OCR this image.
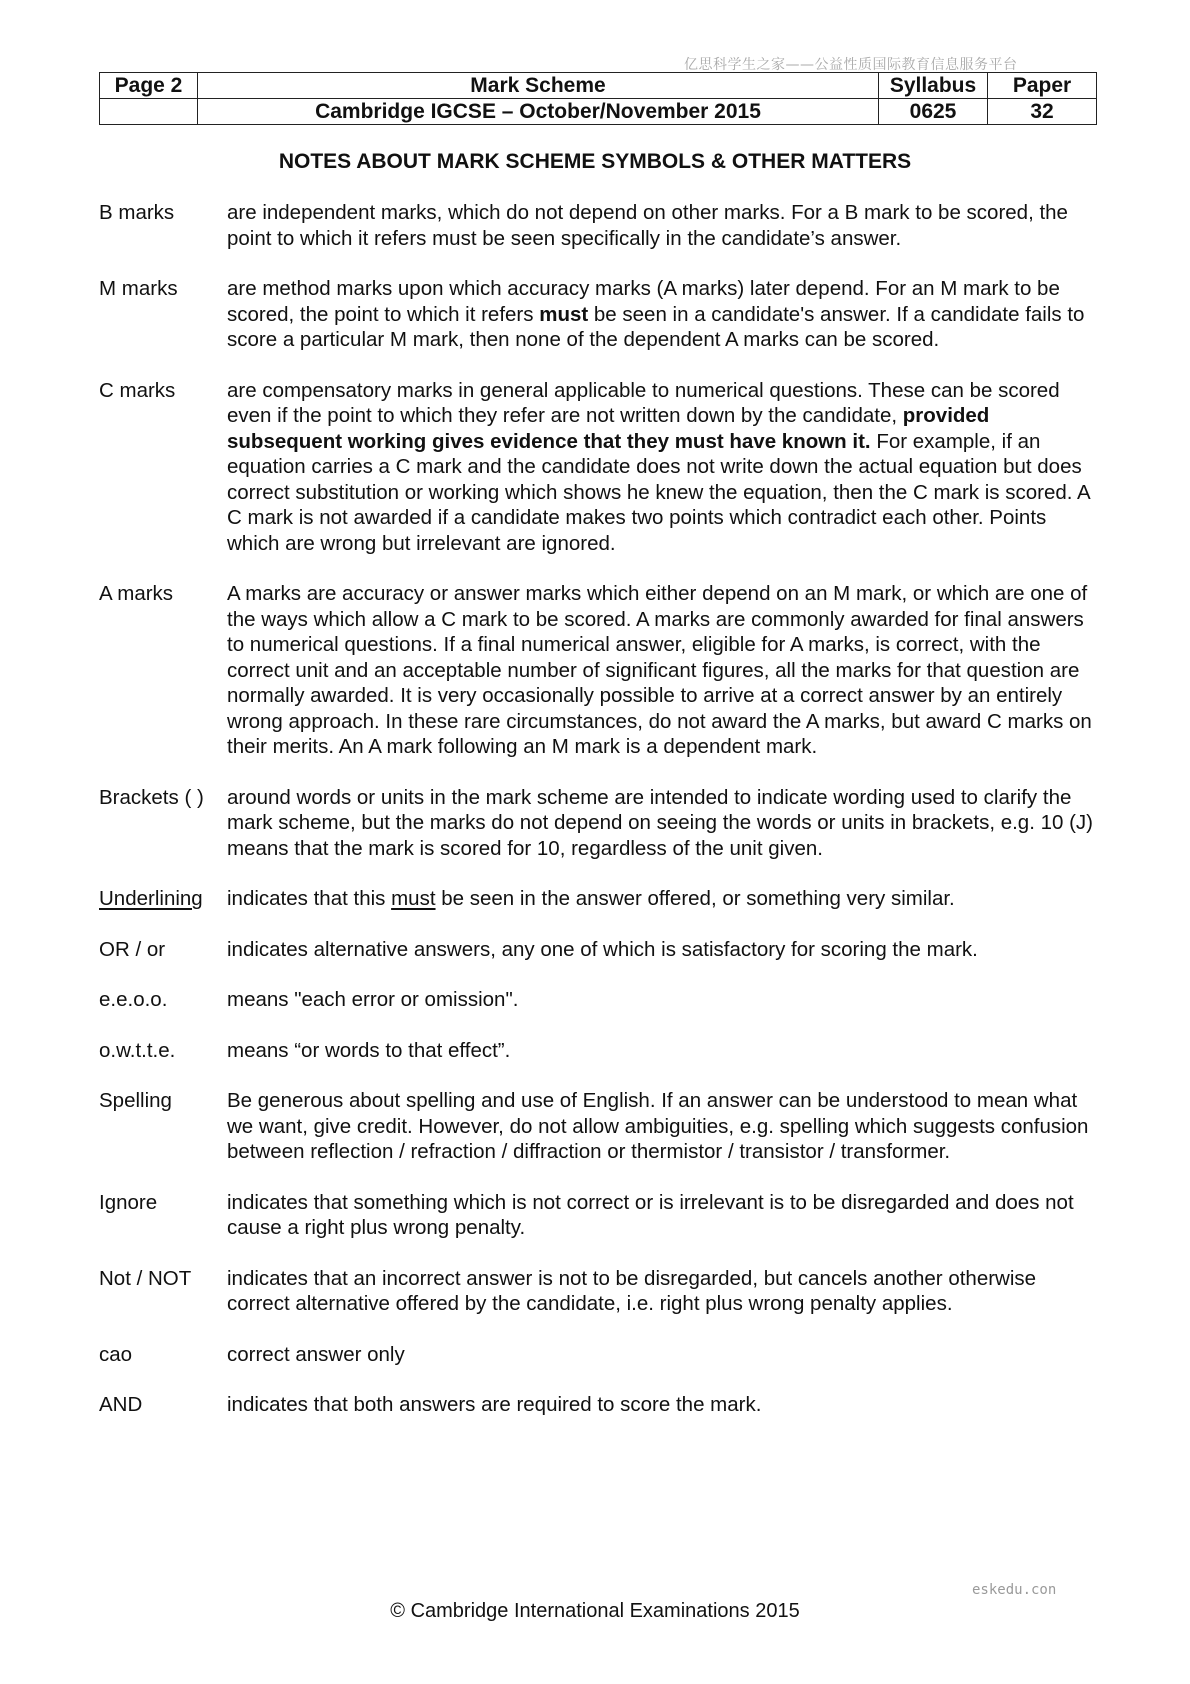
亿思科学生之家——公益性质国际教育信息服务平台
Page 2	Mark Scheme	Syllabus	Paper
	Cambridge IGCSE – October/November 2015	0625	32
NOTES ABOUT MARK SCHEME SYMBOLS & OTHER MATTERS
B marks	are independent marks, which do not depend on other marks. For a B mark to be scored, the point to which it refers must be seen specifically in the candidate’s answer.
M marks	are method marks upon which accuracy marks (A marks) later depend. For an M mark to be scored, the point to which it refers must be seen in a candidate's answer. If a candidate fails to score a particular M mark, then none of the dependent A marks can be scored.
C marks	are compensatory marks in general applicable to numerical questions. These can be scored even if the point to which they refer are not written down by the candidate, provided subsequent working gives evidence that they must have known it. For example, if an equation carries a C mark and the candidate does not write down the actual equation but does correct substitution or working which shows he knew the equation, then the C mark is scored. A C mark is not awarded if a candidate makes two points which contradict each other. Points which are wrong but irrelevant are ignored.
A marks	A marks are accuracy or answer marks which either depend on an M mark, or which are one of the ways which allow a C mark to be scored. A marks are commonly awarded for final answers to numerical questions. If a final numerical answer, eligible for A marks, is correct, with the correct unit and an acceptable number of significant figures, all the marks for that question are normally awarded. It is very occasionally possible to arrive at a correct answer by an entirely wrong approach. In these rare circumstances, do not award the A marks, but award C marks on their merits. An A mark following an M mark is a dependent mark.
Brackets ( )	around words or units in the mark scheme are intended to indicate wording used to clarify the mark scheme, but the marks do not depend on seeing the words or units in brackets, e.g. 10 (J) means that the mark is scored for 10, regardless of the unit given.
Underlining	indicates that this must be seen in the answer offered, or something very similar.
OR / or	indicates alternative answers, any one of which is satisfactory for scoring the mark.
e.e.o.o.	means "each error or omission".
o.w.t.t.e.	means “or words to that effect”.
Spelling	Be generous about spelling and use of English. If an answer can be understood to mean what we want, give credit. However, do not allow ambiguities, e.g. spelling which suggests confusion between reflection / refraction / diffraction or thermistor / transistor / transformer.
Ignore	indicates that something which is not correct or is irrelevant is to be disregarded and does not cause a right plus wrong penalty.
Not / NOT	indicates that an incorrect answer is not to be disregarded, but cancels another otherwise correct alternative offered by the candidate, i.e. right plus wrong penalty applies.
cao	correct answer only
AND	indicates that both answers are required to score the mark.
eskedu.con
© Cambridge International Examinations 2015
